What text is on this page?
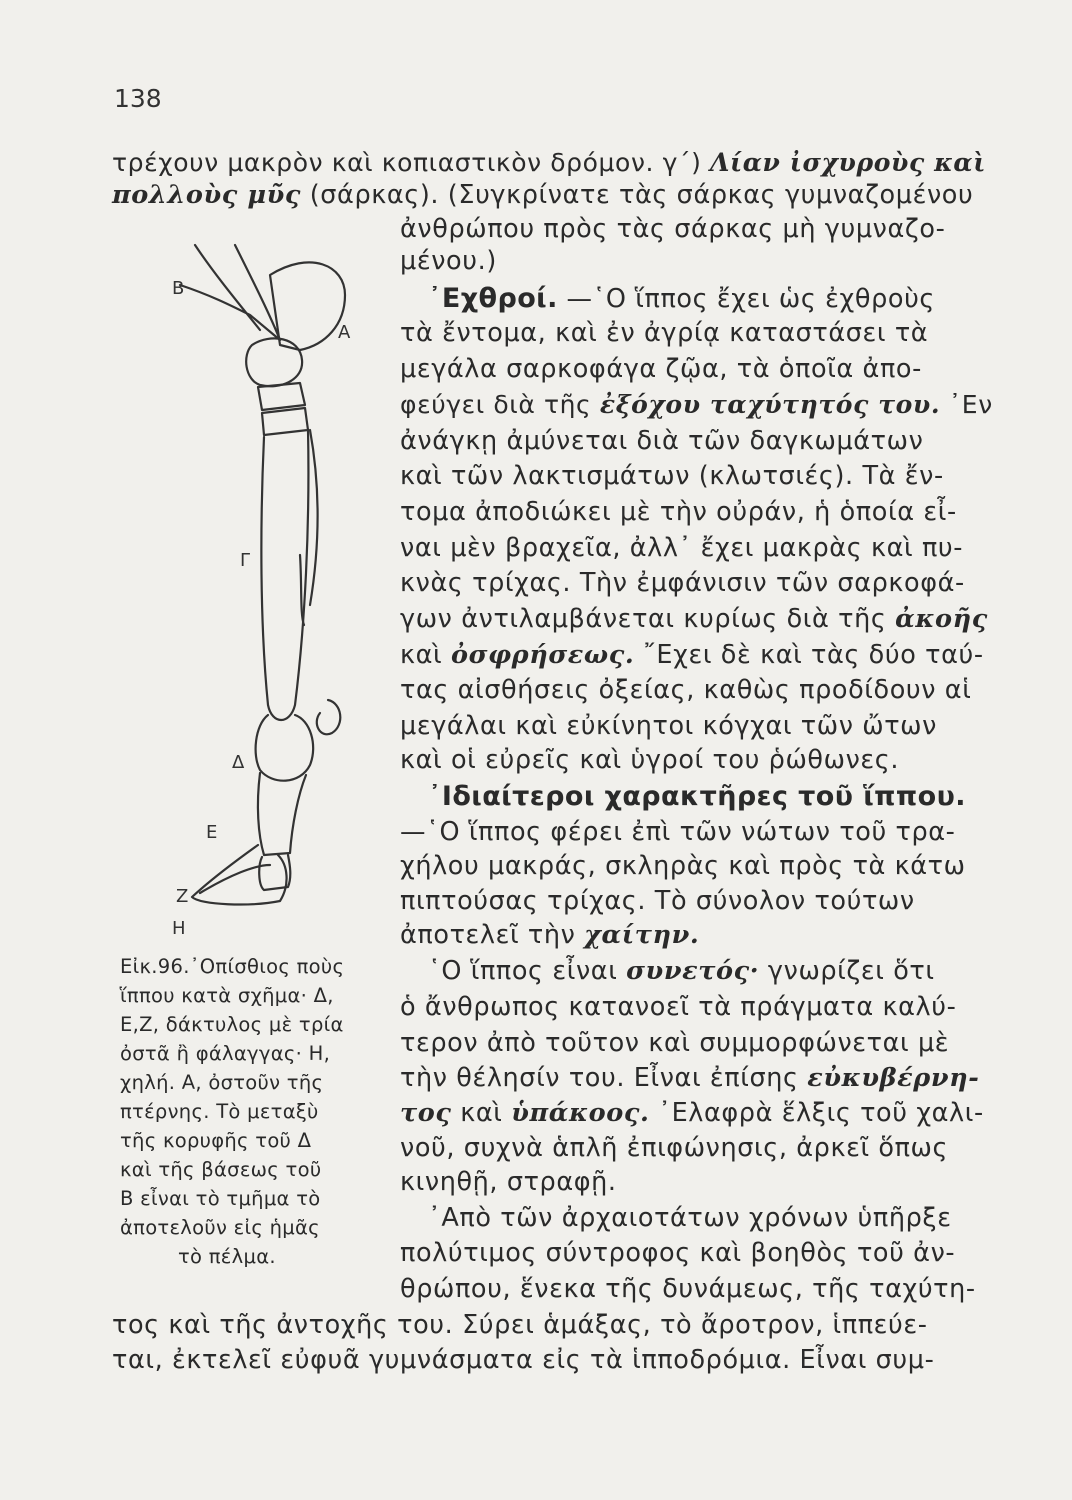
138
B
A
Γ
Δ
E
Z
H
Εἰκ.96.᾿Οπίσθιος ποὺς
ἵππου κατὰ σχῆμα· Δ,
Ε,Ζ, δάκτυλος μὲ τρία
ὀστᾶ ἢ φάλαγγας· Η,
χηλή. Α, ὀστοῦν τῆς
πτέρνης. Τὸ μεταξὺ
τῆς κορυφῆς τοῦ Δ
καὶ τῆς βάσεως τοῦ
Β εἶναι τὸ τμῆμα τὸ
ἀποτελοῦν εἰς ἡμᾶς
τὸ πέλμα.
τρέχουν μακρὸν καὶ κοπιαστικὸν δρόμον. γ΄) Λίαν ἰσχυροὺς καὶ
πολλοὺς μῦς (σάρκας). (Συγκρίνατε τὰς σάρκας γυμναζομένου
ἀνθρώπου πρὸς τὰς σάρκας μὴ γυμναζο-
μένου.)
᾿Εχθροί. —῾Ο ἵππος ἔχει ὡς ἐχθροὺς
τὰ ἔντομα, καὶ ἐν ἀγρίᾳ καταστάσει τὰ
μεγάλα σαρκοφάγα ζῷα, τὰ ὁποῖα ἀπο-
φεύγει διὰ τῆς ἐξόχου ταχύτητός του. ᾿Εν
ἀνάγκῃ ἀμύνεται διὰ τῶν δαγκωμάτων
καὶ τῶν λακτισμάτων (κλωτσιές). Τὰ ἔν-
τομα ἀποδιώκει μὲ τὴν οὐράν, ἡ ὁποία εἶ-
ναι μὲν βραχεῖα, ἀλλ᾿ ἔχει μακρὰς καὶ πυ-
κνὰς τρίχας. Τὴν ἐμφάνισιν τῶν σαρκοφά-
γων ἀντιλαμβάνεται κυρίως διὰ τῆς ἀκοῆς
καὶ ὀσφρήσεως. ῎Εχει δὲ καὶ τὰς δύο ταύ-
τας αἰσθήσεις ὀξείας, καθὼς προδίδουν αἱ
μεγάλαι καὶ εὐκίνητοι κόγχαι τῶν ὤτων
καὶ οἱ εὐρεῖς καὶ ὑγροί του ῥώθωνες.
᾿Ιδιαίτεροι χαρακτῆρες τοῦ ἵππου.
—῾Ο ἵππος φέρει ἐπὶ τῶν νώτων τοῦ τρα-
χήλου μακράς, σκληρὰς καὶ πρὸς τὰ κάτω
πιπτούσας τρίχας. Τὸ σύνολον τούτων
ἀποτελεῖ τὴν χαίτην.
῾Ο ἵππος εἶναι συνετός· γνωρίζει ὅτι
ὁ ἄνθρωπος κατανοεῖ τὰ πράγματα καλύ-
τερον ἀπὸ τοῦτον καὶ συμμορφώνεται μὲ
τὴν θέλησίν του. Εἶναι ἐπίσης εὐκυβέρνη-
τος καὶ ὑπάκοος. ᾿Ελαφρὰ ἕλξις τοῦ χαλι-
νοῦ, συχνὰ ἁπλῆ ἐπιφώνησις, ἀρκεῖ ὅπως
κινηθῇ, στραφῇ.
᾿Απὸ τῶν ἀρχαιοτάτων χρόνων ὑπῆρξε
πολύτιμος σύντροφος καὶ βοηθὸς τοῦ ἀν-
θρώπου, ἕνεκα τῆς δυνάμεως, τῆς ταχύτη-
τος καὶ τῆς ἀντοχῆς του. Σύρει ἁμάξας, τὸ ἄροτρον, ἱππεύε-
ται, ἐκτελεῖ εὐφυᾶ γυμνάσματα εἰς τὰ ἱπποδρόμια. Εἶναι συμ-
